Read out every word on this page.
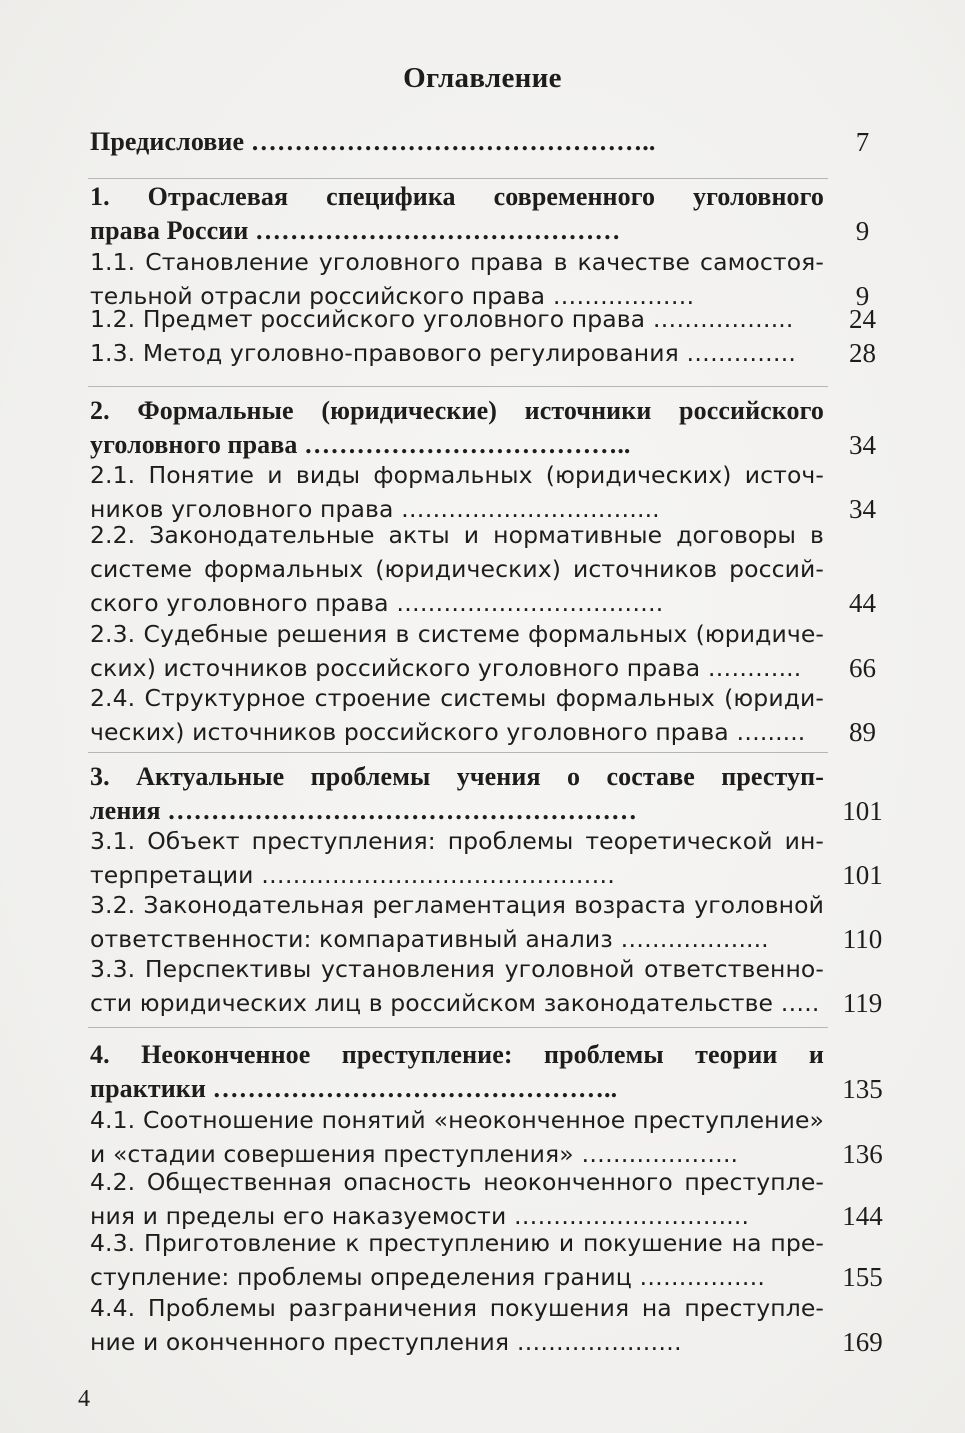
Оглавление
Предисловие ………………………………………..	7
1. Отраслевая специфика современного уголовного
права России ……………………………………	9
1.1. Становление уголовного права в качестве самостоя-
тельной отрасли российского права ………………	9
1.2. Предмет российского уголовного права ……………...	24
1.3. Метод уголовно-правового регулирования …………..	28
2. Формальные (юридические) источники российского
уголовного права ………………………………..	34
2.1. Понятие и виды формальных (юридических) источ-
ников уголовного права …………………………...	34
2.2. Законодательные акты и нормативные договоры в
системе формальных (юридических) источников россий-
ского уголовного права …………………………….	44
2.3. Судебные решения в системе формальных (юридиче-
ских) источников российского уголовного права ………...	66
2.4. Структурное строение системы формальных (юриди-
ческих) источников российского уголовного права …......	89
3. Актуальные проблемы учения о составе преступ-
ления ………………………………………………	101
3.1. Объект преступления: проблемы теоретической ин-
терпретации ………………………………………	101
3.2. Законодательная регламентация возраста уголовной
ответственности: компаративный анализ ……………....	110
3.3. Перспективы установления уголовной ответственно-
сти юридических лиц в российском законодательстве ….. 119
4. Неоконченное преступление: проблемы теории и
практики ………………………………………..	135
4.1. Соотношение понятий «неоконченное преступление»
и «стадии совершения преступления» ………………..	136
4.2. Общественная опасность неоконченного преступле-
ния и пределы его наказуемости ………………………...	144
4.3. Приготовление к преступлению и покушение на пре-
ступление: проблемы определения границ …………….	155
4.4. Проблемы разграничения покушения на преступле-
ние и оконченного преступления …………………	169
4
